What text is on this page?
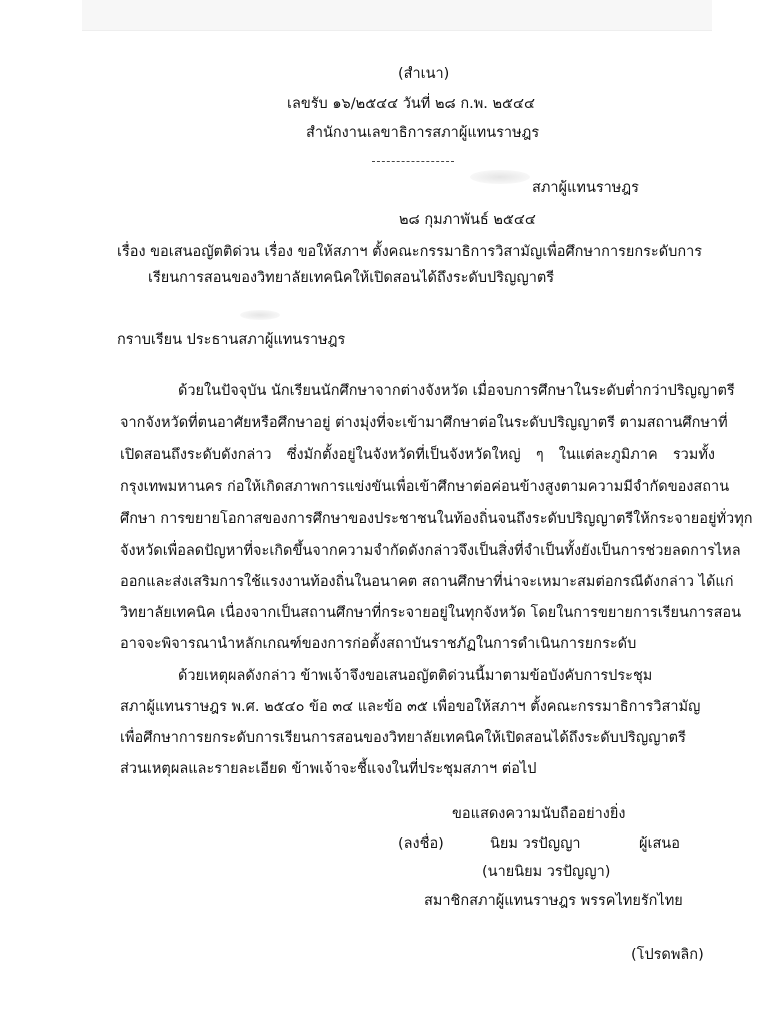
(สำเนา)
เลขรับ ๑๖/๒๕๔๔ วันที่ ๒๘ ก.พ. ๒๕๔๔
สำนักงานเลขาธิการสภาผู้แทนราษฎร
สภาผู้แทนราษฎร
๒๘ กุมภาพันธ์ ๒๕๔๔
เรื่อง ขอเสนอญัตติด่วน เรื่อง ขอให้สภาฯ ตั้งคณะกรรมาธิการวิสามัญเพื่อศึกษาการยกระดับการ
เรียนการสอนของวิทยาลัยเทคนิคให้เปิดสอนได้ถึงระดับปริญญาตรี
กราบเรียน ประธานสภาผู้แทนราษฎร
ด้วยในปัจจุบัน นักเรียนนักศึกษาจากต่างจังหวัด เมื่อจบการศึกษาในระดับต่ำกว่าปริญญาตรี
จากจังหวัดที่ตนอาศัยหรือศึกษาอยู่ ต่างมุ่งที่จะเข้ามาศึกษาต่อในระดับปริญญาตรี ตามสถานศึกษาที่
เปิดสอนถึงระดับดังกล่าว ซึ่งมักตั้งอยู่ในจังหวัดที่เป็นจังหวัดใหญ่ ๆ ในแต่ละภูมิภาค รวมทั้ง
กรุงเทพมหานคร ก่อให้เกิดสภาพการแข่งขันเพื่อเข้าศึกษาต่อค่อนข้างสูงตามความมีจำกัดของสถาน
ศึกษา การขยายโอกาสของการศึกษาของประชาชนในท้องถิ่นจนถึงระดับปริญญาตรีให้กระจายอยู่ทั่วทุก
จังหวัดเพื่อลดปัญหาที่จะเกิดขึ้นจากความจำกัดดังกล่าวจึงเป็นสิ่งที่จำเป็นทั้งยังเป็นการช่วยลดการไหล
ออกและส่งเสริมการใช้แรงงานท้องถิ่นในอนาคต สถานศึกษาที่น่าจะเหมาะสมต่อกรณีดังกล่าว ได้แก่
วิทยาลัยเทคนิค เนื่องจากเป็นสถานศึกษาที่กระจายอยู่ในทุกจังหวัด โดยในการขยายการเรียนการสอน
อาจจะพิจารณานำหลักเกณฑ์ของการก่อตั้งสถาบันราชภัฏในการดำเนินการยกระดับ
ด้วยเหตุผลดังกล่าว ข้าพเจ้าจึงขอเสนอญัตติด่วนนี้มาตามข้อบังคับการประชุม
สภาผู้แทนราษฎร พ.ศ. ๒๕๔๐ ข้อ ๓๔ และข้อ ๓๕ เพื่อขอให้สภาฯ ตั้งคณะกรรมาธิการวิสามัญ
เพื่อศึกษาการยกระดับการเรียนการสอนของวิทยาลัยเทคนิคให้เปิดสอนได้ถึงระดับปริญญาตรี
ส่วนเหตุผลและรายละเอียด ข้าพเจ้าจะชี้แจงในที่ประชุมสภาฯ ต่อไป
ขอแสดงความนับถืออย่างยิ่ง
(ลงชื่อ)	นิยม วรปัญญา	ผู้เสนอ
(นายนิยม วรปัญญา)
สมาชิกสภาผู้แทนราษฎร พรรคไทยรักไทย
(โปรดพลิก)
